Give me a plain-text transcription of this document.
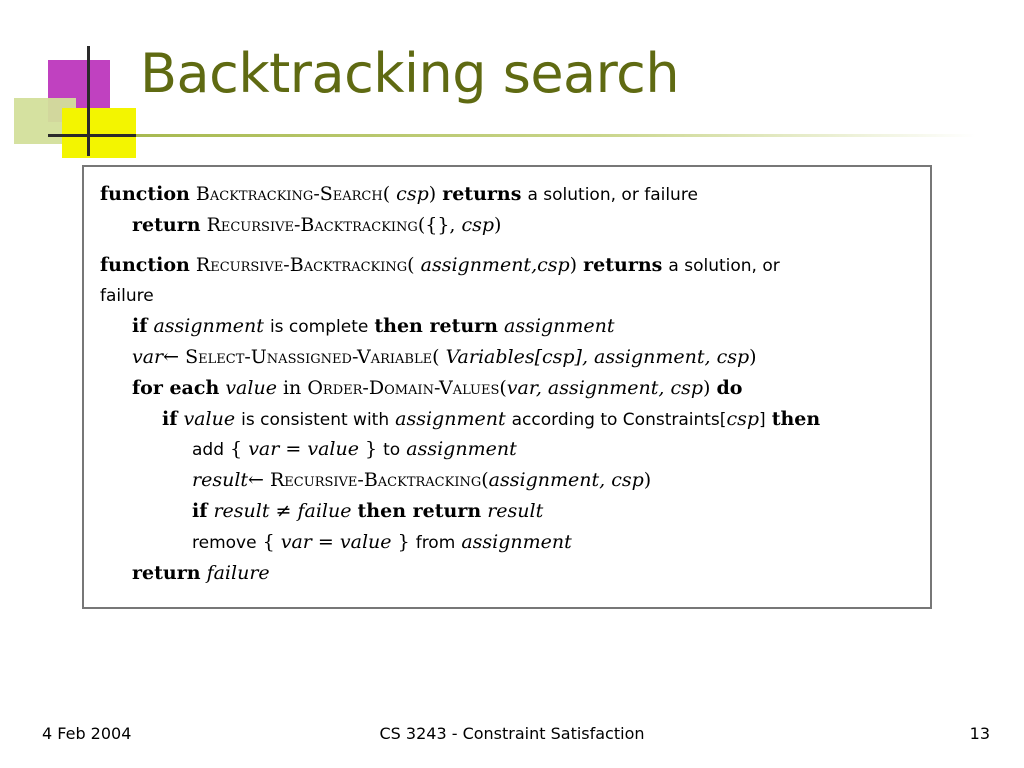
Backtracking search
function Backtracking-Search( csp) returns a solution, or failure
return Recursive-Backtracking({}, csp)
function Recursive-Backtracking( assignment,csp) returns a solution, or
failure
if assignment is complete then return assignment
var← Select-Unassigned-Variable( Variables[csp], assignment, csp)
for each value in Order-Domain-Values(var, assignment, csp) do
if value is consistent with assignment according to Constraints[csp] then
add { var = value } to assignment
result← Recursive-Backtracking(assignment, csp)
if result ≠ failue then return result
remove { var = value } from assignment
return failure
4 Feb 2004	CS 3243 - Constraint Satisfaction	13
